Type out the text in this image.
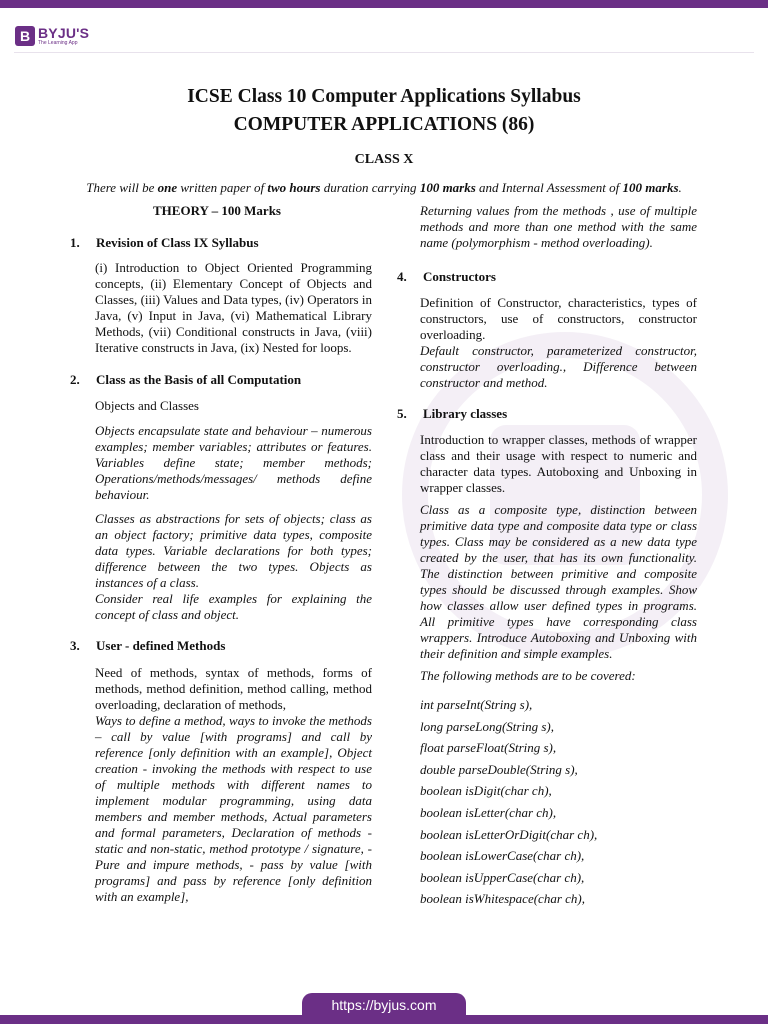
B BYJU'S
The Learning App
ICSE Class 10 Computer Applications Syllabus
COMPUTER APPLICATIONS (86)
CLASS X
There will be one written paper of two hours duration carrying 100 marks and Internal Assessment of 100 marks.
THEORY – 100 Marks
1.	Revision of Class IX Syllabus

(i) Introduction to Object Oriented Programming concepts, (ii) Elementary Concept of Objects and Classes, (iii) Values and Data types, (iv) Operators in Java, (v) Input in Java, (vi) Mathematical Library Methods, (vii) Conditional constructs in Java, (viii) Iterative constructs in Java, (ix) Nested for loops.

2.	Class as the Basis of all Computation

Objects and Classes

Objects encapsulate state and behaviour – numerous examples; member variables; attributes or features. Variables define state; member methods; Operations/methods/messages/ methods define behaviour.

Classes as abstractions for sets of objects; class as an object factory; primitive data types, composite data types. Variable declarations for both types; difference between the two types. Objects as instances of a class.

Consider real life examples for explaining the concept of class and object.

3.	User - defined Methods

Need of methods, syntax of methods, forms of methods, method definition, method calling, method overloading, declaration of methods,

Ways to define a method, ways to invoke the methods – call by value [with programs] and call by reference [only definition with an example], Object creation - invoking the methods with respect to use of multiple methods with different names to implement modular programming, using data members and member methods, Actual parameters and formal parameters, Declaration of methods - static and non-static, method prototype / signature, - Pure and impure methods, - pass by value [with programs] and pass by reference [only definition with an example],

Returning values from the methods , use of multiple methods and more than one method with the same name (polymorphism - method overloading).

4.	Constructors

Definition of Constructor, characteristics, types of constructors, use of constructors, constructor overloading.

Default constructor, parameterized constructor, constructor overloading., Difference between constructor and method.

5.	Library classes

Introduction to wrapper classes, methods of wrapper class and their usage with respect to numeric and character data types. Autoboxing and Unboxing in wrapper classes.

Class as a composite type, distinction between primitive data type and composite data type or class types. Class may be considered as a new data type created by the user, that has its own functionality. The distinction between primitive and composite types should be discussed through examples. Show how classes allow user defined types in programs. All primitive types have corresponding class wrappers. Introduce Autoboxing and Unboxing with their definition and simple examples.

The following methods are to be covered:

int parseInt(String s),

long parseLong(String s),

float parseFloat(String s),

double parseDouble(String s),

boolean isDigit(char ch),

boolean isLetter(char ch),

boolean isLetterOrDigit(char ch),

boolean isLowerCase(char ch),

boolean isUpperCase(char ch),

boolean isWhitespace(char ch),

https://byjus.com
